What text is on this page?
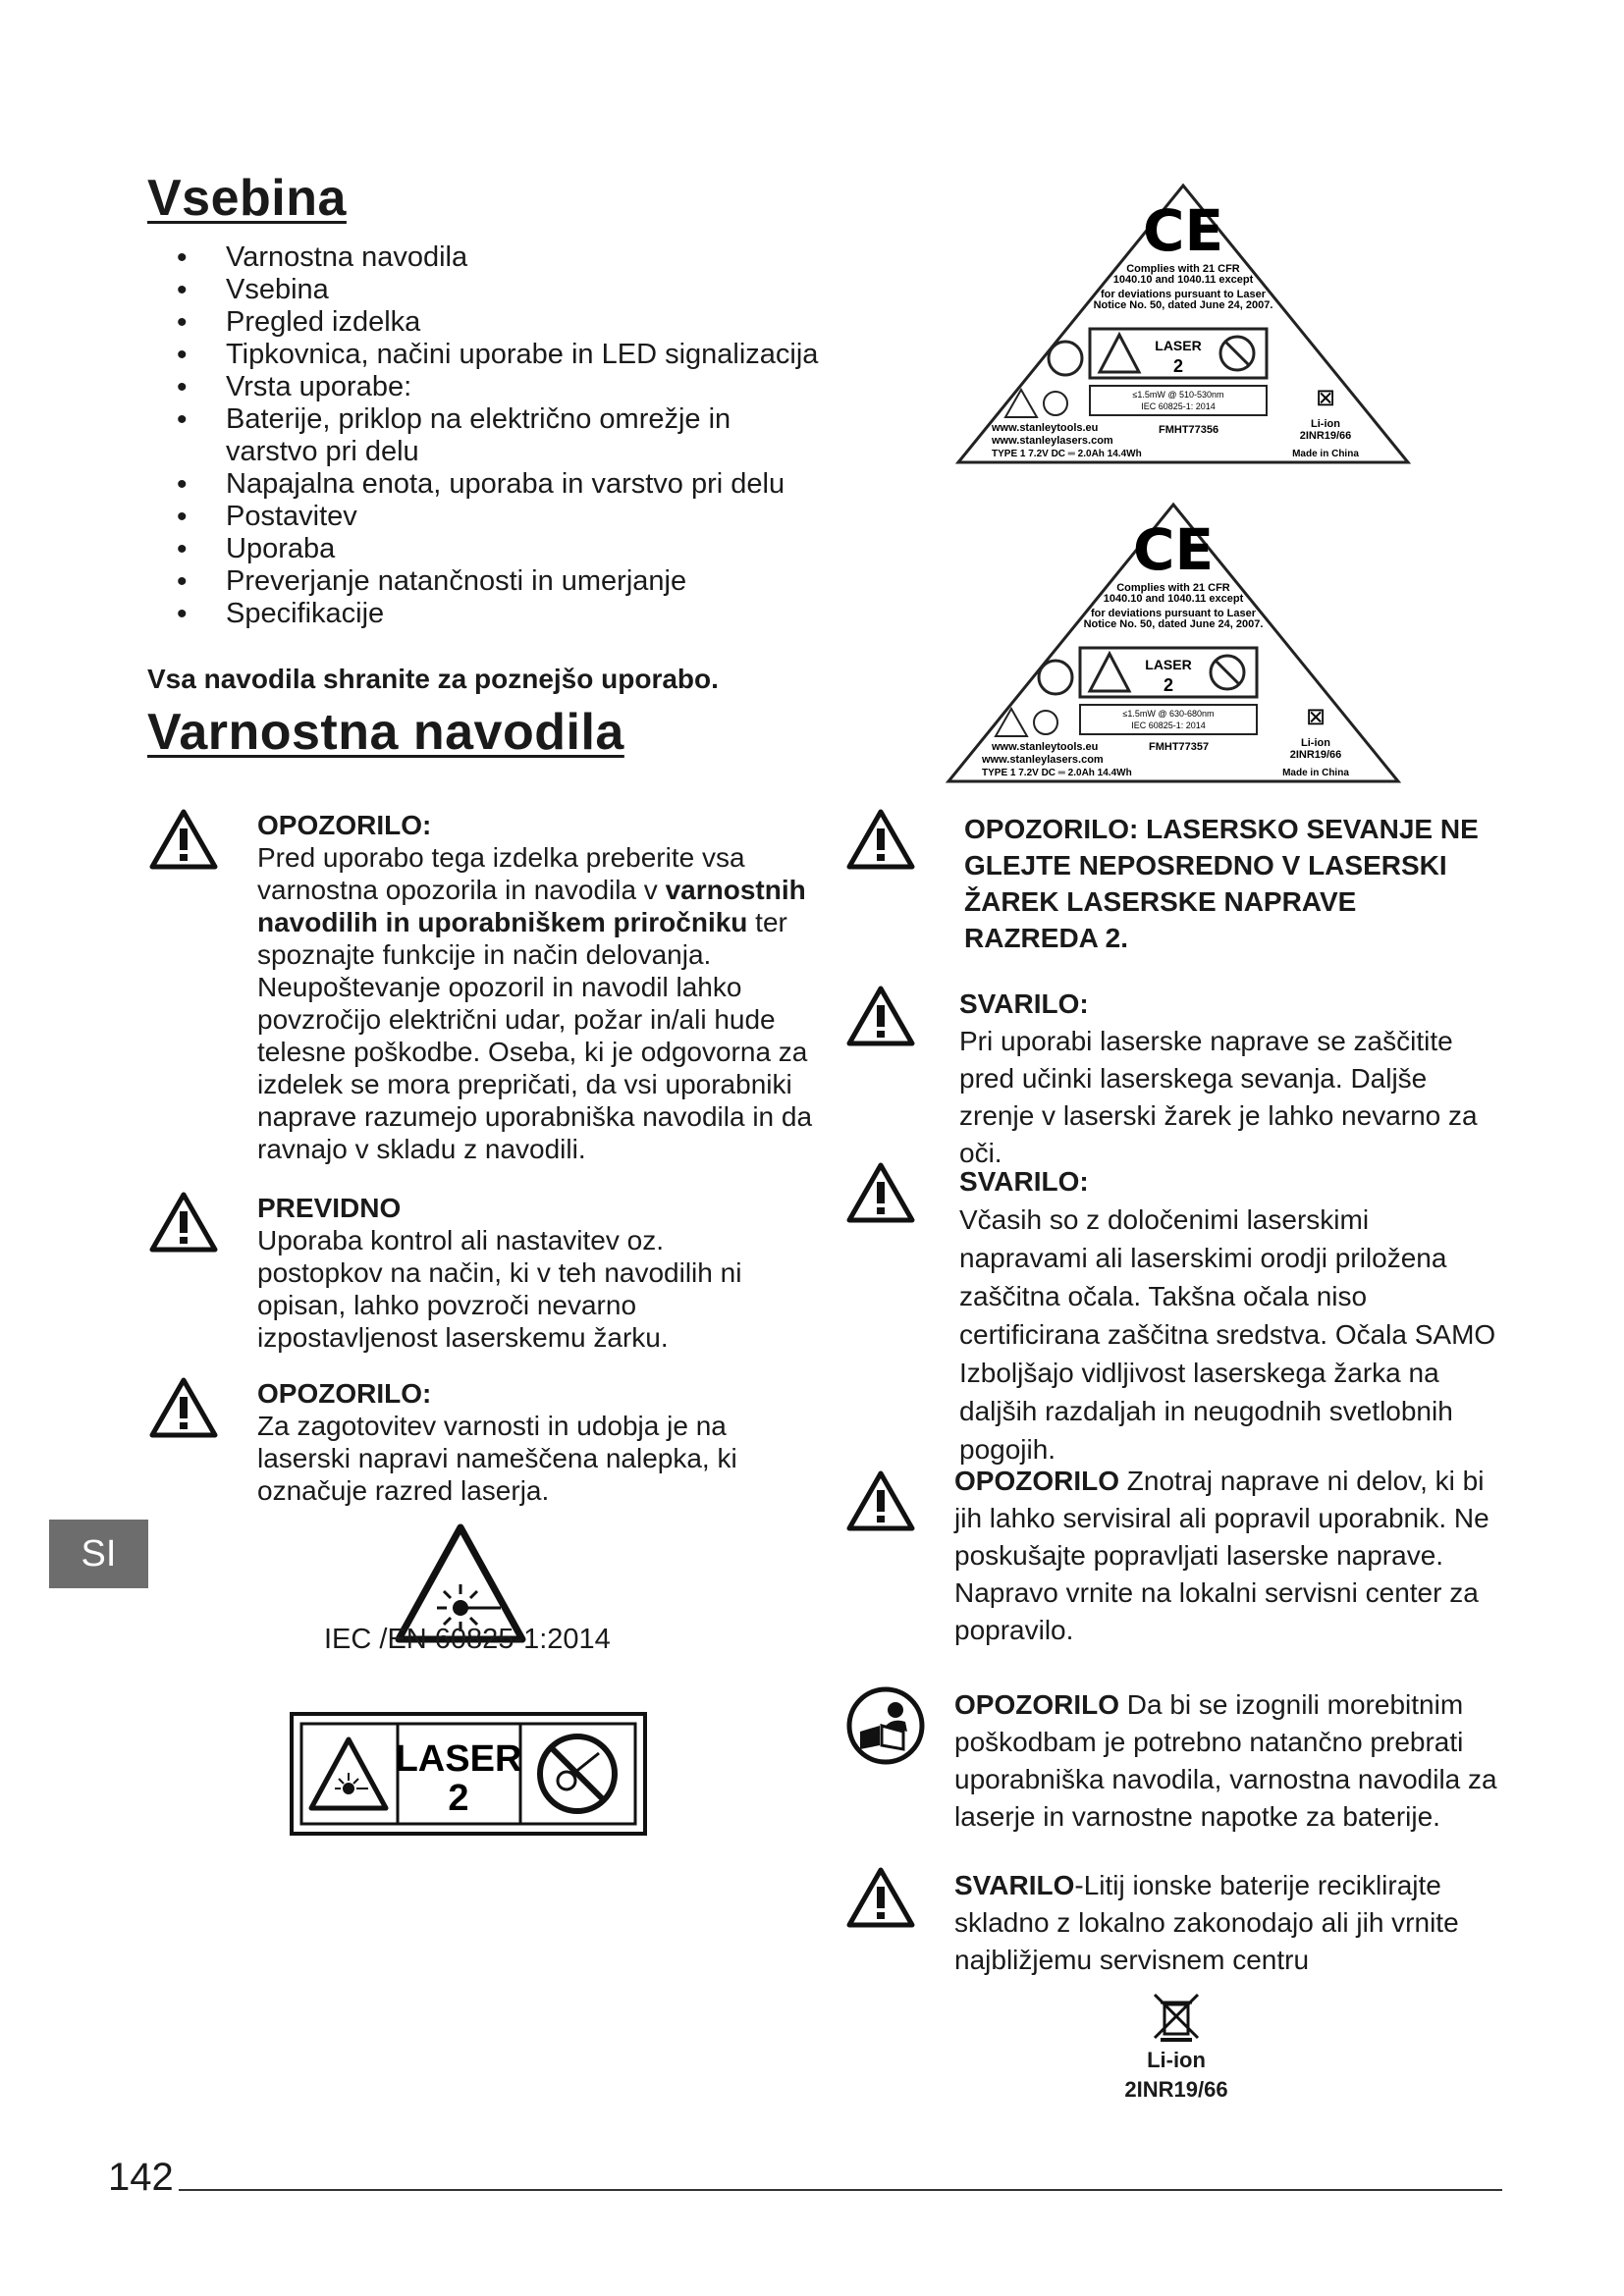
Vsebina
• Varnostna navodila
• Vsebina
• Pregled izdelka
• Tipkovnica, načini uporabe in LED signalizacija
• Vrsta uporabe:
• Baterije, priklop na električno omrežje in varstvo pri delu
• Napajalna enota, uporaba in varstvo pri delu
• Postavitev
• Uporaba
• Preverjanje natančnosti in umerjanje
• Specifikacije
Vsa navodila shranite za poznejšo uporabo.
Varnostna navodila
CE
Complies with 21 CFR
1040.10 and 1040.11 except
for deviations pursuant to Laser
Notice No. 50, dated June 24, 2007.
LASER
2
≤1.5mW @ 510-530nm
IEC 60825-1: 2014	⊠
www.stanleytools.eu	FMHT77356	Li-ion
2INR19/66
www.stanleylasers.com
TYPE 1 7.2V DC ═ 2.0Ah 14.4Wh	Made in China
CE
Complies with 21 CFR
1040.10 and 1040.11 except
for deviations pursuant to Laser
Notice No. 50, dated June 24, 2007.
LASER
2
≤1.5mW @ 630-680nm
IEC 60825-1: 2014	⊠
www.stanleytools.eu	FMHT77357	Li-ion
2INR19/66
www.stanleylasers.com
TYPE 1 7.2V DC ═ 2.0Ah 14.4Wh	Made in China
OPOZORILO:
Pred uporabo tega izdelka preberite vsa varnostna opozorila in navodila v varnostnih navodilih in uporabniškem priročniku ter spoznajte funkcije in način delovanja. Neupoštevanje opozoril in navodil lahko povzročijo električni udar, požar in/ali hude telesne poškodbe. Oseba, ki je odgovorna za izdelek se mora prepričati, da vsi uporabniki naprave razumejo uporabniška navodila in da ravnajo v skladu z navodili.
PREVIDNO
Uporaba kontrol ali nastavitev oz. postopkov na način, ki v teh navodilih ni opisan, lahko povzroči nevarno izpostavljenost laserskemu žarku.
OPOZORILO:
Za zagotovitev varnosti in udobja je na laserski napravi nameščena nalepka, ki označuje razred laserja.
IEC /EN 60825-1:2014
LASER
2
OPOZORILO: LASERSKO SEVANJE NE GLEJTE NEPOSREDNO V LASERSKI ŽAREK LASERSKE NAPRAVE RAZREDA 2.
SVARILO:
Pri uporabi laserske naprave se zaščitite pred učinki laserskega sevanja. Daljše zrenje v laserski žarek je lahko nevarno za oči.
SVARILO:
Včasih so z določenimi laserskimi napravami ali laserskimi orodji priložena zaščitna očala. Takšna očala niso certificirana zaščitna sredstva. Očala SAMO Izboljšajo vidljivost laserskega žarka na daljših razdaljah in neugodnih svetlobnih pogojih.
OPOZORILO Znotraj naprave ni delov, ki bi jih lahko servisiral ali popravil uporabnik. Ne poskušajte popravljati laserske naprave. Napravo vrnite na lokalni servisni center za popravilo.
OPOZORILO Da bi se izognili morebitnim poškodbam je potrebno natančno prebrati uporabniška navodila, varnostna navodila za laserje in varnostne napotke za baterije.
SVARILO-Litij ionske baterije reciklirajte skladno z lokalno zakonodajo ali jih vrnite najbližjemu servisnem centru
Li-ion
2INR19/66
SI
142
